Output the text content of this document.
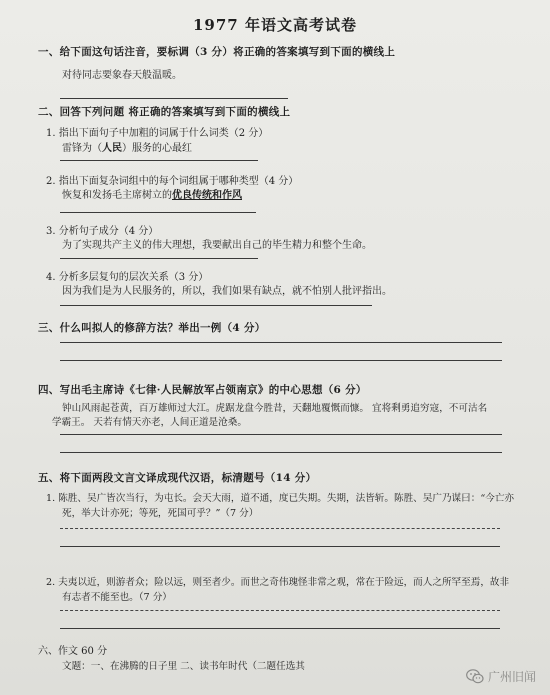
1977 年语文高考试卷
一、给下面这句话注音，要标调（3 分）将正确的答案填写到下面的横线上
对待同志要象春天般温暖。
二、回答下列问题 将正确的答案填写到下面的横线上
1. 指出下面句子中加粗的词属于什么词类（2 分）
雷锋为（人民）服务的心最红
2. 指出下面复杂词组中的每个词组属于哪种类型（4 分）
恢复和发扬毛主席树立的优良传统和作风
3. 分析句子成分（4 分）
为了实现共产主义的伟大理想，我要献出自己的毕生精力和整个生命。
4. 分析多层复句的层次关系（3 分）
因为我们是为人民服务的，所以，我们如果有缺点，就不怕别人批评指出。
三、什么叫拟人的修辞方法？举出一例（4 分）
四、写出毛主席诗《七律·人民解放军占领南京》的中心思想（6 分）
钟山风雨起苍黄，百万雄师过大江。虎踞龙盘今胜昔，天翻地覆慨而慷。 宜将剩勇追穷寇，不可沽名
学霸王。 天若有情天亦老，人间正道是沧桑。
五、将下面两段文言文译成现代汉语，标清题号（14 分）
1. 陈胜、吴广皆次当行，为屯长。会天大雨，道不通，度已失期。失期，法皆斩。陈胜、吴广乃谋曰：“今亡亦
死，举大计亦死；等死，死国可乎？”（7 分）
2. 夫夷以近，则游者众；险以远，则至者少。而世之奇伟瑰怪非常之观，常在于险远，而人之所罕至焉，故非
有志者不能至也。（7 分）
六、作文 60 分
文题：一、在沸腾的日子里 二、读书年时代（二题任选其
广州旧闻
